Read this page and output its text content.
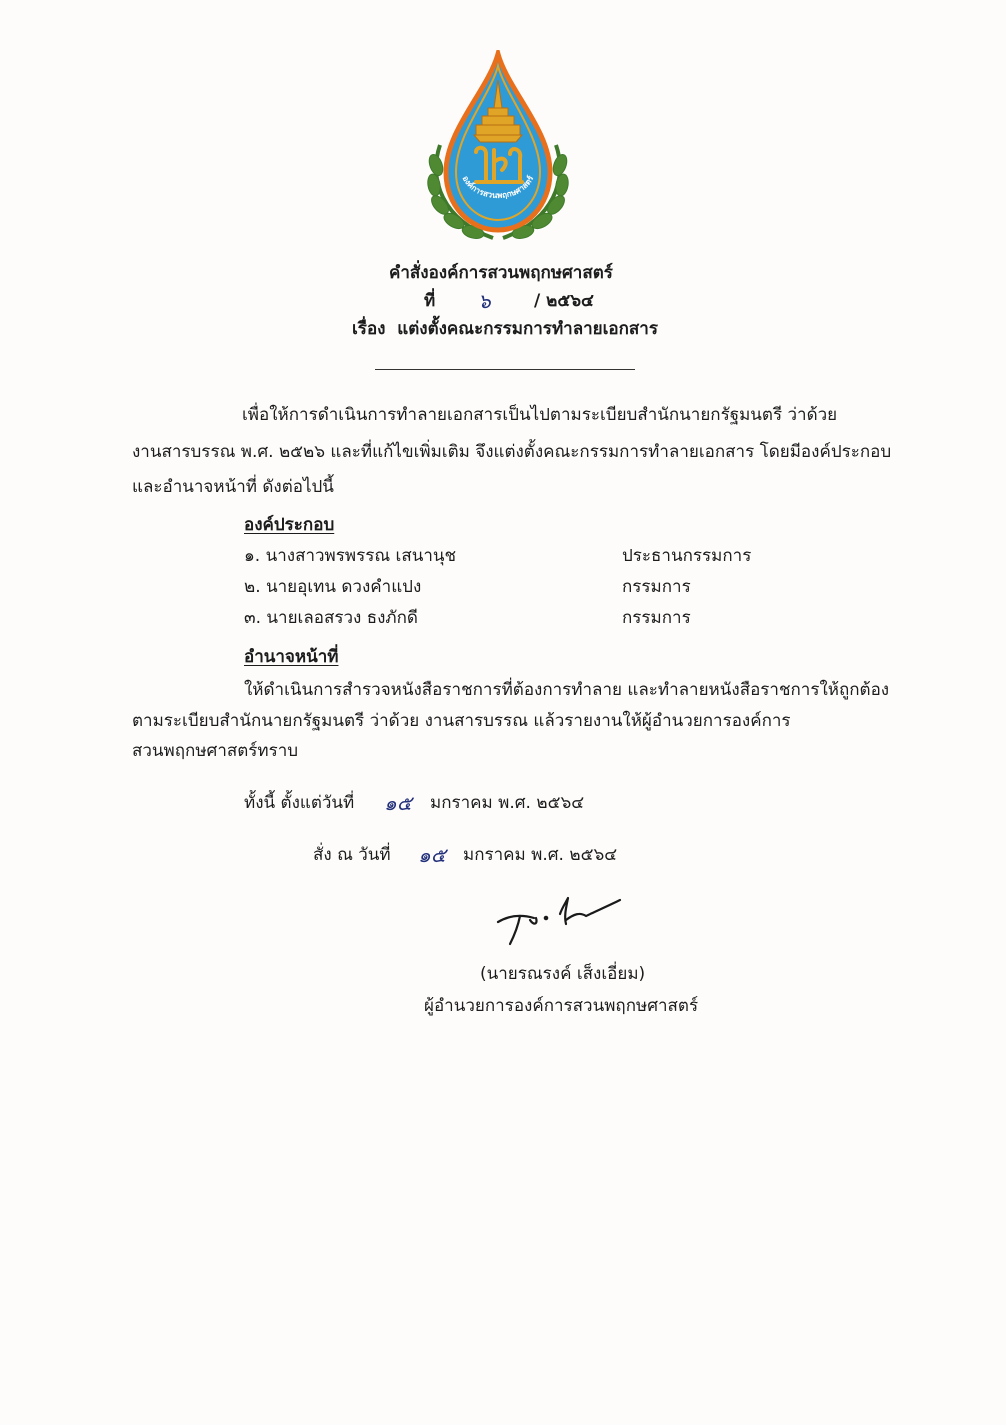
องค์การสวนพฤกษศาสตร์
คำสั่งองค์การสวนพฤกษศาสตร์
ที่ ๖	/ ๒๕๖๔
เรื่อง แต่งตั้งคณะกรรมการทำลายเอกสาร
เพื่อให้การดำเนินการทำลายเอกสารเป็นไปตามระเบียบสำนักนายกรัฐมนตรี ว่าด้วย
งานสารบรรณ พ.ศ. ๒๕๒๖ และที่แก้ไขเพิ่มเติม จึงแต่งตั้งคณะกรรมการทำลายเอกสาร โดยมีองค์ประกอบ
และอำนาจหน้าที่ ดังต่อไปนี้
องค์ประกอบ
๑. นางสาวพรพรรณ เสนานุช	ประธานกรรมการ
๒. นายอุเทน ดวงคำแปง	กรรมการ
๓. นายเลอสรวง ธงภักดี	กรรมการ
อำนาจหน้าที่
ให้ดำเนินการสำรวจหนังสือราชการที่ต้องการทำลาย และทำลายหนังสือราชการให้ถูกต้อง
ตามระเบียบสำนักนายกรัฐมนตรี ว่าด้วย งานสารบรรณ แล้วรายงานให้ผู้อำนวยการองค์การ
สวนพฤกษศาสตร์ทราบ
ทั้งนี้ ตั้งแต่วันที่ ๑๕ มกราคม พ.ศ. ๒๕๖๔
สั่ง ณ วันที่ ๑๕ มกราคม พ.ศ. ๒๕๖๔
(นายรณรงค์ เส็งเอี่ยม)
ผู้อำนวยการองค์การสวนพฤกษศาสตร์
